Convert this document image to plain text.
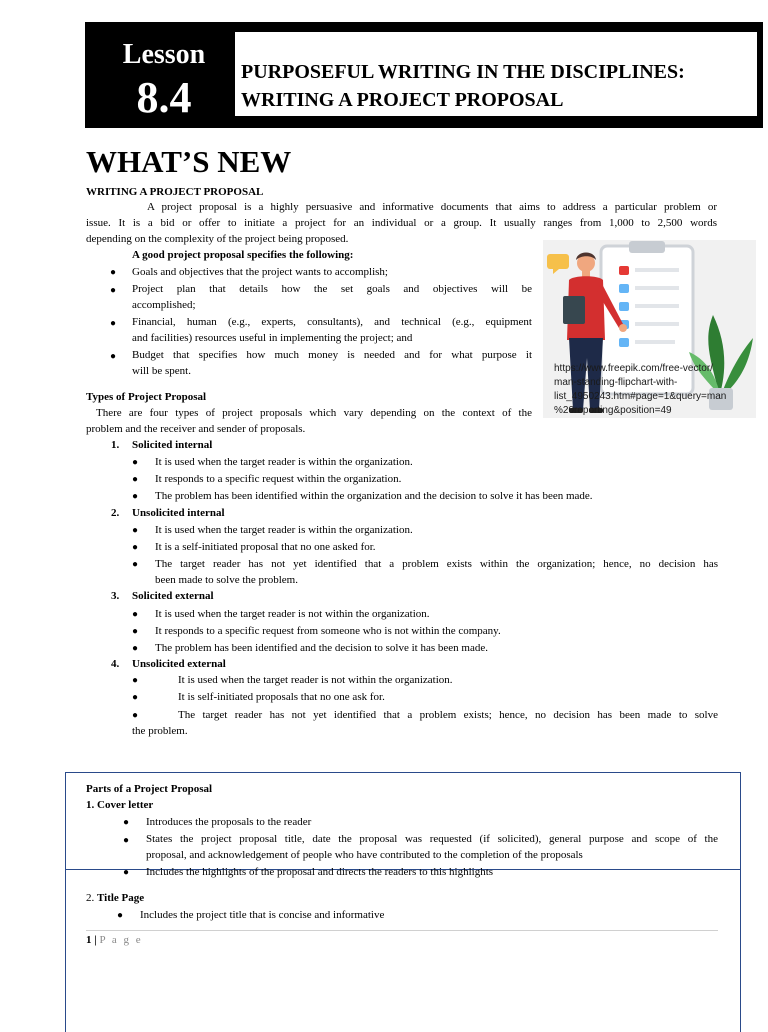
Lesson
8.4
PURPOSEFUL WRITING IN THE DISCIPLINES:
WRITING A PROJECT PROPOSAL
WHAT’S NEW
WRITING A PROJECT PROPOSAL
A project proposal is a highly persuasive and informative documents that aims to address a particular problem or
issue. It is a bid or offer to initiate a project for an individual or a group. It usually ranges from 1,000 to 2,500 words
depending on the complexity of the project being proposed.
A good project proposal specifies the following:
● Goals and objectives that the project wants to accomplish;
● Project plan that details how the set goals and objectives will be
accomplished;
● Financial, human (e.g., experts, consultants), and technical (e.g., equipment
and facilities) resources useful in implementing the project; and
● Budget that specifies how much money is needed and for what purpose it
will be spent.	https://www.freepik.com/free-vector/
man-standing-flipchart-with-
list_4950243.htm#page=1&query=man
%20reporting&position=49
Types of Project Proposal
There are four types of project proposals which vary depending on the context of the
problem and the receiver and sender of proposals.
1. Solicited internal
● It is used when the target reader is within the organization.
● It responds to a specific request within the organization.
● The problem has been identified within the organization and the decision to solve it has been made.
2. Unsolicited internal
● It is used when the target reader is within the organization.
● It is a self-initiated proposal that no one asked for.
● The target reader has not yet identified that a problem exists within the organization; hence, no decision has
been made to solve the problem.
3. Solicited external
● It is used when the target reader is not within the organization.
● It responds to a specific request from someone who is not within the company.
● The problem has been identified and the decision to solve it has been made.
4. Unsolicited external
●	It is used when the target reader is not within the organization.
●	It is self-initiated proposals that no one ask for.
●	The target reader has not yet identified that a problem exists; hence, no decision has been made to solve
the problem.
Parts of a Project Proposal
1. Cover letter
● Introduces the proposals to the reader
● States the project proposal title, date the proposal was requested (if solicited), general purpose and scope of the
proposal, and acknowledgement of people who have contributed to the completion of the proposals
● Includes the highlights of the proposal and directs the readers to this highlights
2. Title Page
● Includes the project title that is concise and informative
1 | P a g e
